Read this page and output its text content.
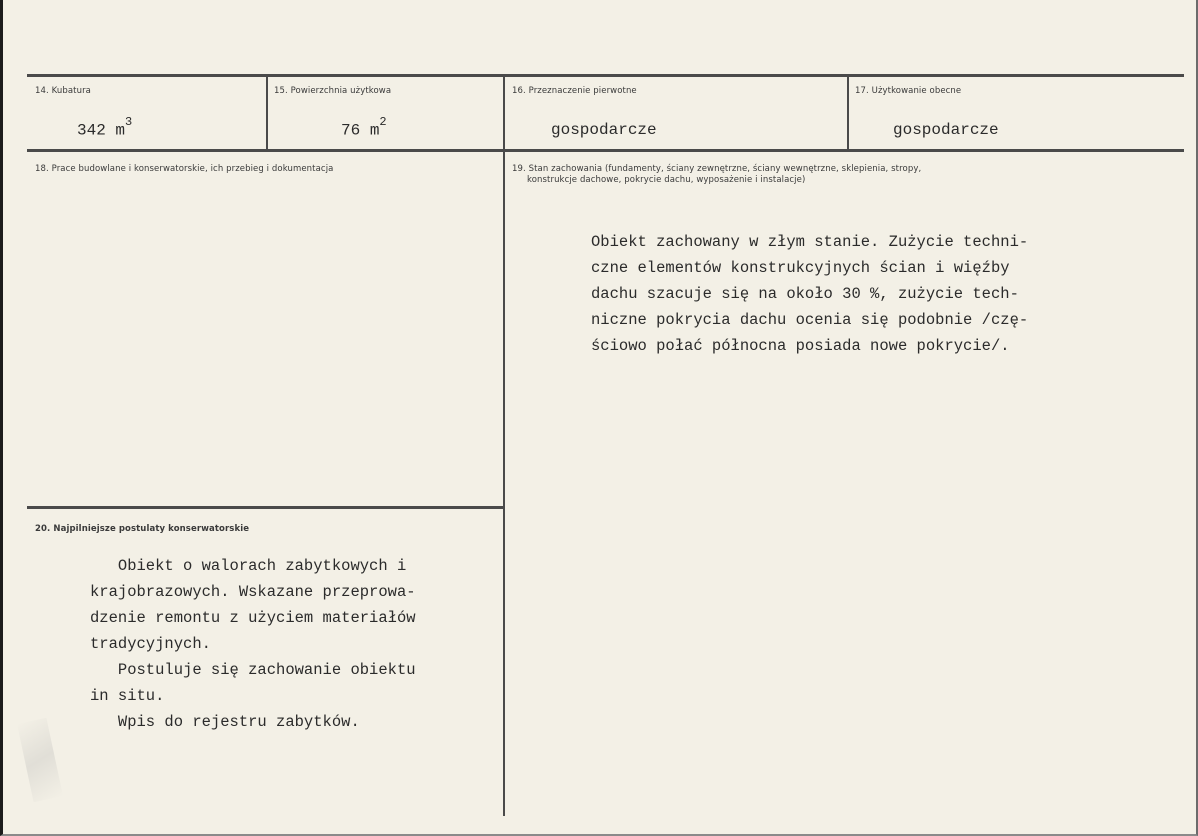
14. Kubatura
342 $m^3$
15. Powierzchnia użytkowa
76 $m^2$
16. Przeznaczenie pierwotne
gospodarcze
17. Użytkowanie obecne
gospodarcze
18. Prace budowlane i konserwatorskie, ich przebieg i dokumentacja	19. Stan zachowania (fundamenty, ściany zewnętrzne, ściany wewnętrzne, sklepienia, stropy,
konstrukcje dachowe, pokrycie dachu, wyposażenie i instalacje)
Obiekt zachowany w złym stanie. Zużycie techni-
czne elementów konstrukcyjnych ścian i więźby
dachu szacuje się na około 30 %, zużycie tech-
niczne pokrycia dachu ocenia się podobnie /czę-
ściowo połać północna posiada nowe pokrycie/.
20. Najpilniejsze postulaty konserwatorskie
Obiekt o walorach zabytkowych i
krajobrazowych. Wskazane przeprowa-
dzenie remontu z użyciem materiałów
tradycyjnych.
Postuluje się zachowanie obiektu
in situ.
Wpis do rejestru zabytków.
